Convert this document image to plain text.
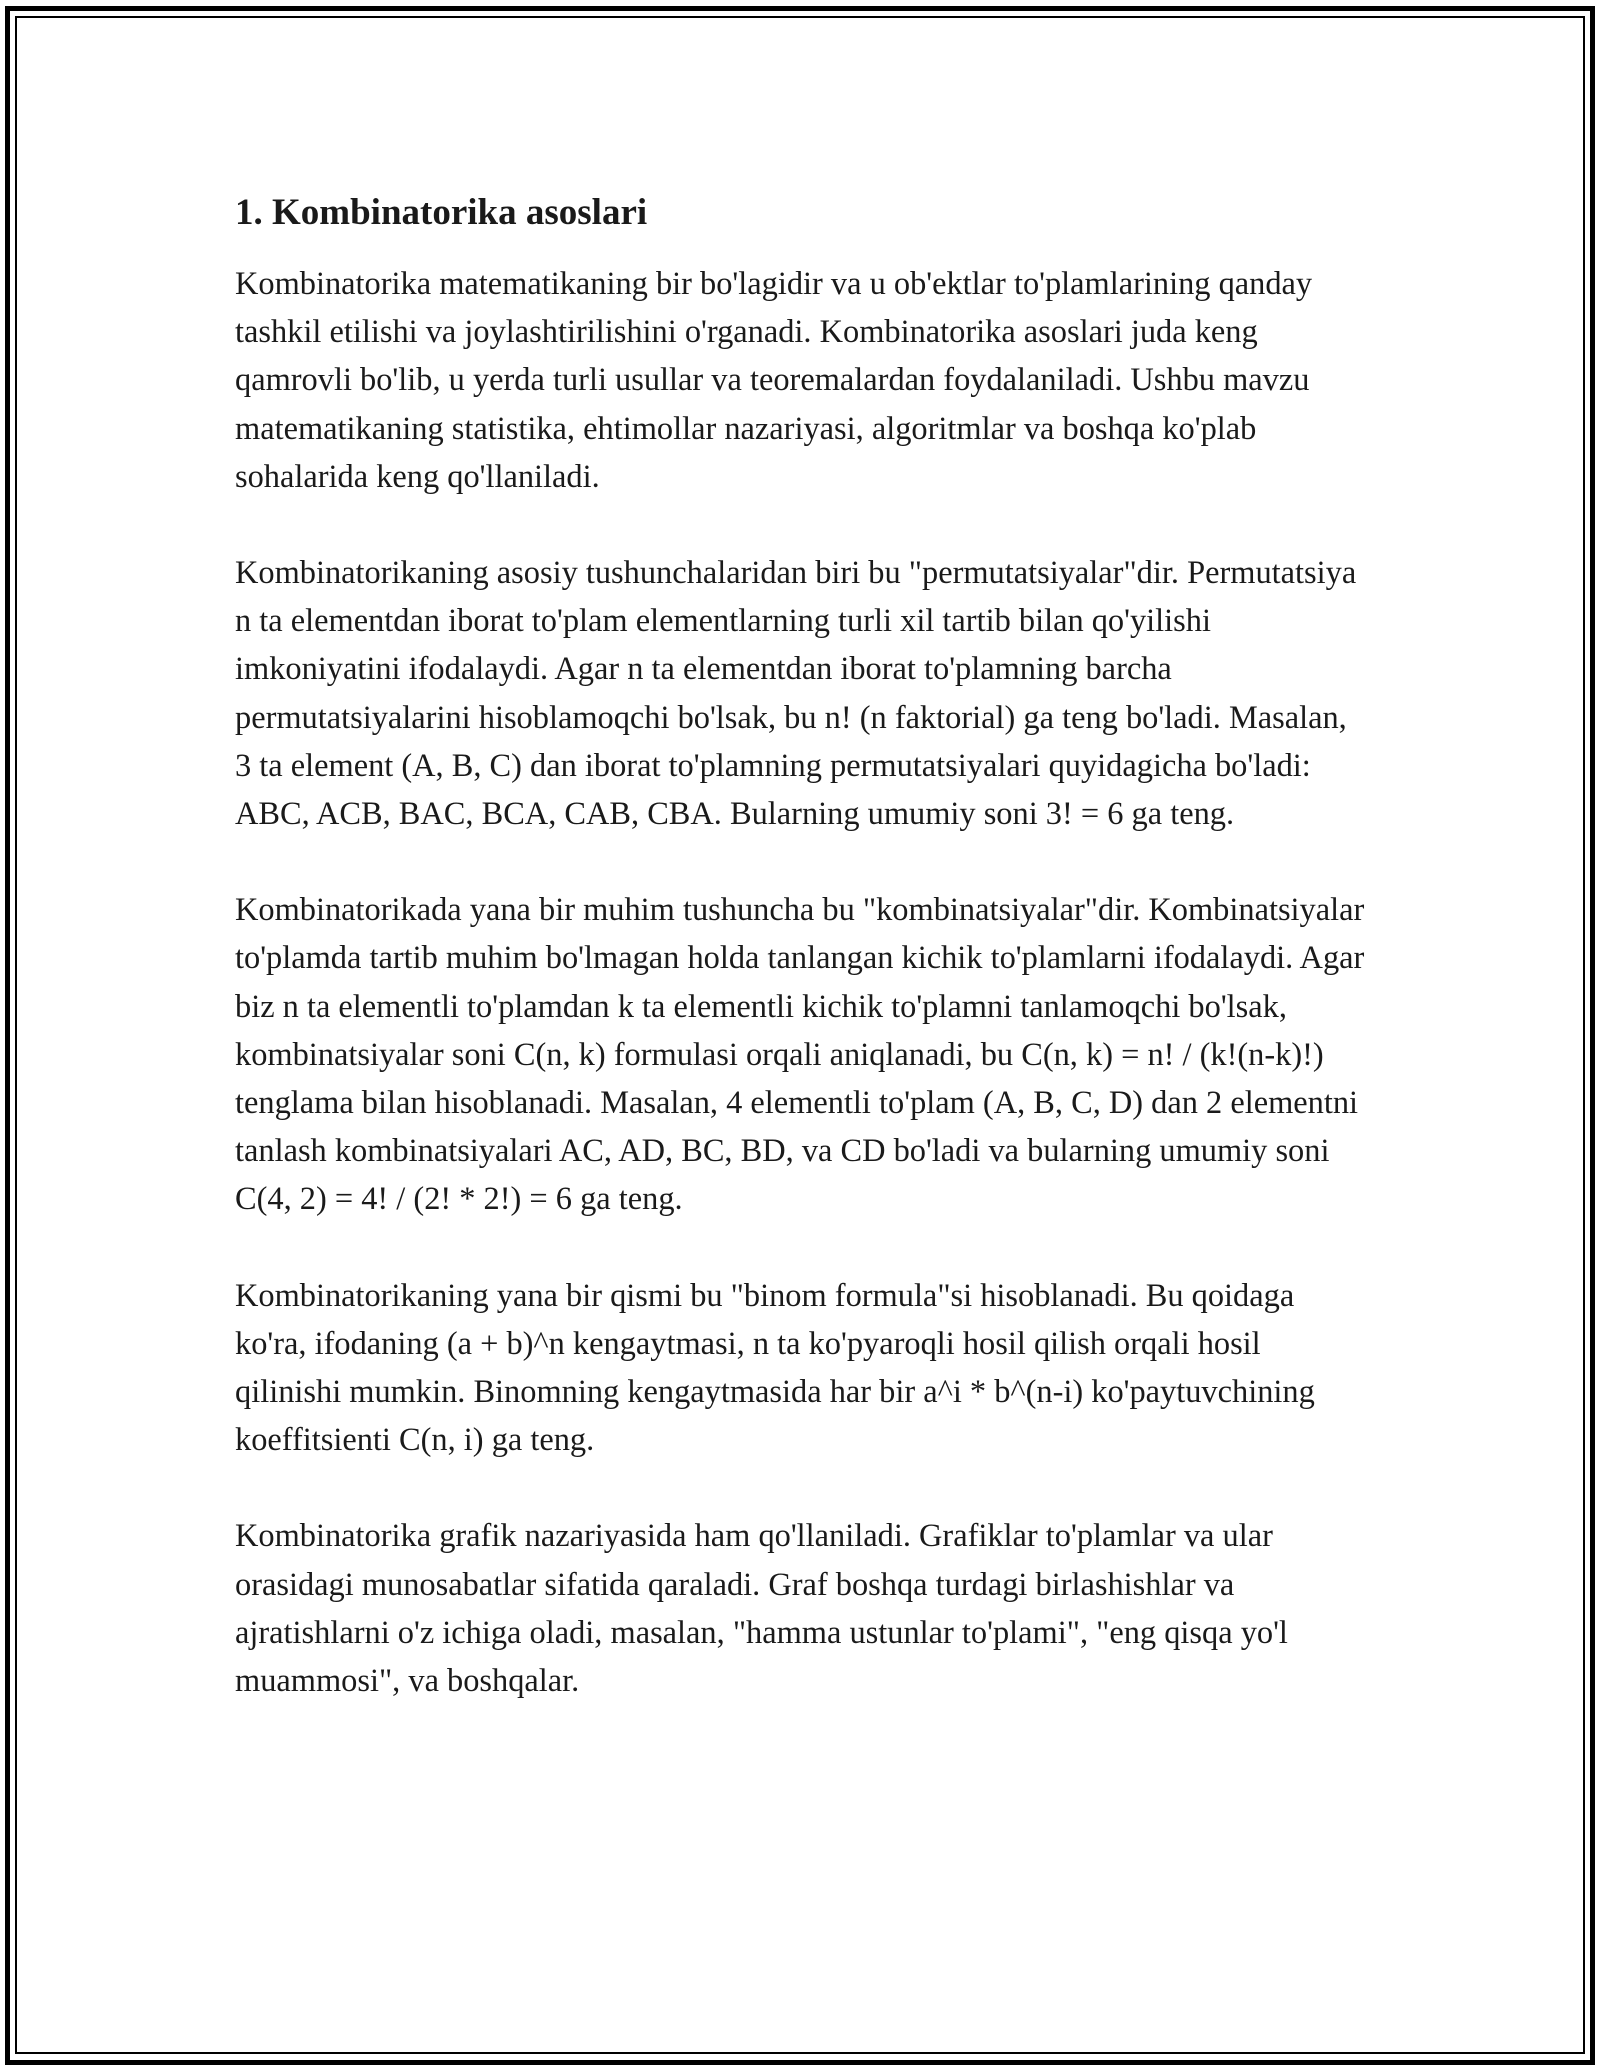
1. Kombinatorika asoslari

Kombinatorika matematikaning bir bo'lagidir va u ob'ektlar to'plamlarining qanday tashkil etilishi va joylashtirilishini o'rganadi. Kombinatorika asoslari juda keng qamrovli bo'lib, u yerda turli usullar va teoremalardan foydalaniladi. Ushbu mavzu matematikaning statistika, ehtimollar nazariyasi, algoritmlar va boshqa ko'plab sohalarida keng qo'llaniladi.

Kombinatorikaning asosiy tushunchalaridan biri bu "permutatsiyalar"dir. Permutatsiya n ta elementdan iborat to'plam elementlarning turli xil tartib bilan qo'yilishi imkoniyatini ifodalaydi. Agar n ta elementdan iborat to'plamning barcha permutatsiyalarini hisoblamoqchi bo'lsak, bu n! (n faktorial) ga teng bo'ladi. Masalan, 3 ta element (A, B, C) dan iborat to'plamning permutatsiyalari quyidagicha bo'ladi: ABC, ACB, BAC, BCA, CAB, CBA. Bularning umumiy soni 3! = 6 ga teng.

Kombinatorikada yana bir muhim tushuncha bu "kombinatsiyalar"dir. Kombinatsiyalar to'plamda tartib muhim bo'lmagan holda tanlangan kichik to'plamlarni ifodalaydi. Agar biz n ta elementli to'plamdan k ta elementli kichik to'plamni tanlamoqchi bo'lsak, kombinatsiyalar soni C(n, k) formulasi orqali aniqlanadi, bu C(n, k) = n! / (k!(n-k)!) tenglama bilan hisoblanadi. Masalan, 4 elementli to'plam (A, B, C, D) dan 2 elementni tanlash kombinatsiyalari AC, AD, BC, BD, va CD bo'ladi va bularning umumiy soni C(4, 2) = 4! / (2! * 2!) = 6 ga teng.

Kombinatorikaning yana bir qismi bu "binom formula"si hisoblanadi. Bu qoidaga ko'ra, ifodaning (a + b)^n kengaytmasi, n ta ko'pyaroqli hosil qilish orqali hosil qilinishi mumkin. Binomning kengaytmasida har bir a^i * b^(n-i) ko'paytuvchining koeffitsienti C(n, i) ga teng.

Kombinatorika grafik nazariyasida ham qo'llaniladi. Grafiklar to'plamlar va ular orasidagi munosabatlar sifatida qaraladi. Graf boshqa turdagi birlashishlar va ajratishlarni o'z ichiga oladi, masalan, "hamma ustunlar to'plami", "eng qisqa yo'l muammosi", va boshqalar.
